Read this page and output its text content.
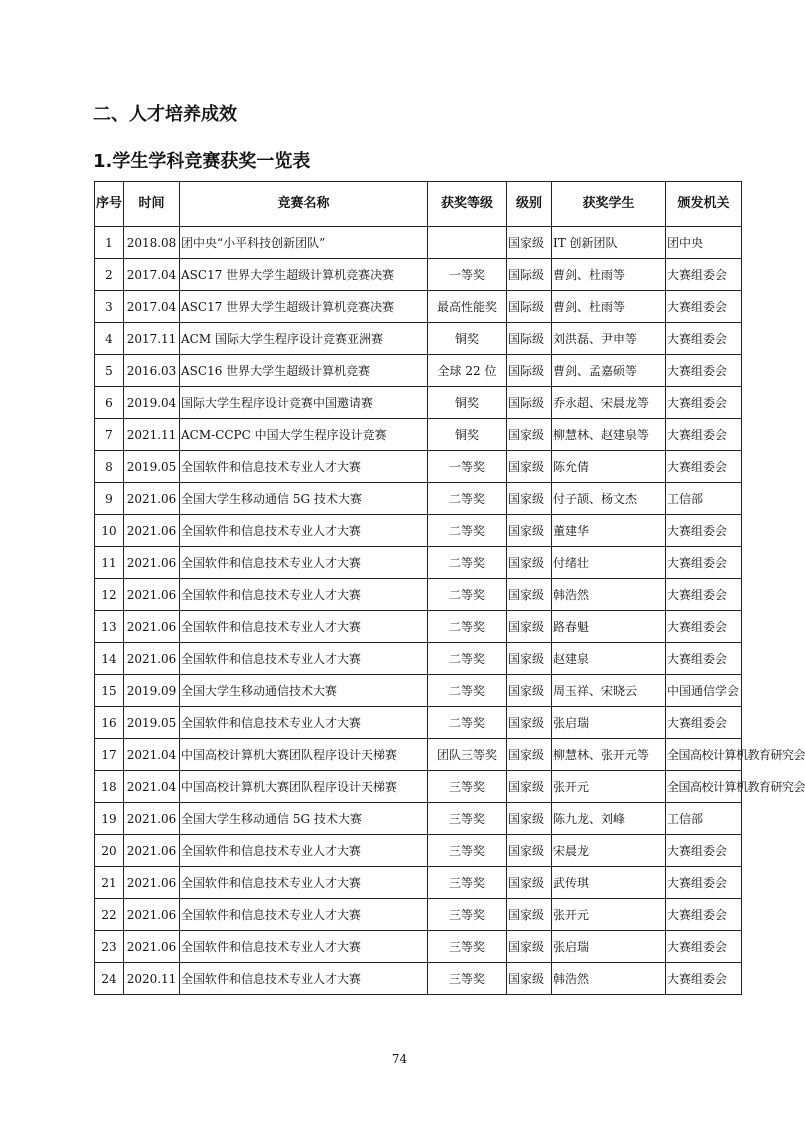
二、人才培养成效
1.学生学科竞赛获奖一览表
序号	时间	竞赛名称	获奖等级	级别	获奖学生	颁发机关
1	2018.08	团中央“小平科技创新团队”		国家级	IT 创新团队	团中央
2	2017.04	ASC17 世界大学生超级计算机竞赛决赛	一等奖	国际级	曹剑、杜雨等	大赛组委会
3	2017.04	ASC17 世界大学生超级计算机竞赛决赛	最高性能奖	国际级	曹剑、杜雨等	大赛组委会
4	2017.11	ACM 国际大学生程序设计竞赛亚洲赛	铜奖	国际级	刘洪磊、尹申等	大赛组委会
5	2016.03	ASC16 世界大学生超级计算机竞赛	全球 22 位	国际级	曹剑、孟嘉硕等	大赛组委会
6	2019.04	国际大学生程序设计竞赛中国邀请赛	铜奖	国际级	乔永超、宋晨龙等	大赛组委会
7	2021.11	ACM-CCPC 中国大学生程序设计竞赛	铜奖	国家级	柳慧林、赵建泉等	大赛组委会
8	2019.05	全国软件和信息技术专业人才大赛	一等奖	国家级	陈允倩	大赛组委会
9	2021.06	全国大学生移动通信 5G 技术大赛	二等奖	国家级	付子颉、杨文杰	工信部
10	2021.06	全国软件和信息技术专业人才大赛	二等奖	国家级	董建华	大赛组委会
11	2021.06	全国软件和信息技术专业人才大赛	二等奖	国家级	付绪壮	大赛组委会
12	2021.06	全国软件和信息技术专业人才大赛	二等奖	国家级	韩浩然	大赛组委会
13	2021.06	全国软件和信息技术专业人才大赛	二等奖	国家级	路春魁	大赛组委会
14	2021.06	全国软件和信息技术专业人才大赛	二等奖	国家级	赵建泉	大赛组委会
15	2019.09	全国大学生移动通信技术大赛	二等奖	国家级	周玉祥、宋晓云	中国通信学会
16	2019.05	全国软件和信息技术专业人才大赛	二等奖	国家级	张启瑞	大赛组委会
17	2021.04	中国高校计算机大赛团队程序设计天梯赛	团队三等奖	国家级	柳慧林、张开元等	全国高校计算机教育研究会
18	2021.04	中国高校计算机大赛团队程序设计天梯赛	三等奖	国家级	张开元	全国高校计算机教育研究会
19	2021.06	全国大学生移动通信 5G 技术大赛	三等奖	国家级	陈九龙、刘峰	工信部
20	2021.06	全国软件和信息技术专业人才大赛	三等奖	国家级	宋晨龙	大赛组委会
21	2021.06	全国软件和信息技术专业人才大赛	三等奖	国家级	武传琪	大赛组委会
22	2021.06	全国软件和信息技术专业人才大赛	三等奖	国家级	张开元	大赛组委会
23	2021.06	全国软件和信息技术专业人才大赛	三等奖	国家级	张启瑞	大赛组委会
24	2020.11	全国软件和信息技术专业人才大赛	三等奖	国家级	韩浩然	大赛组委会
74
